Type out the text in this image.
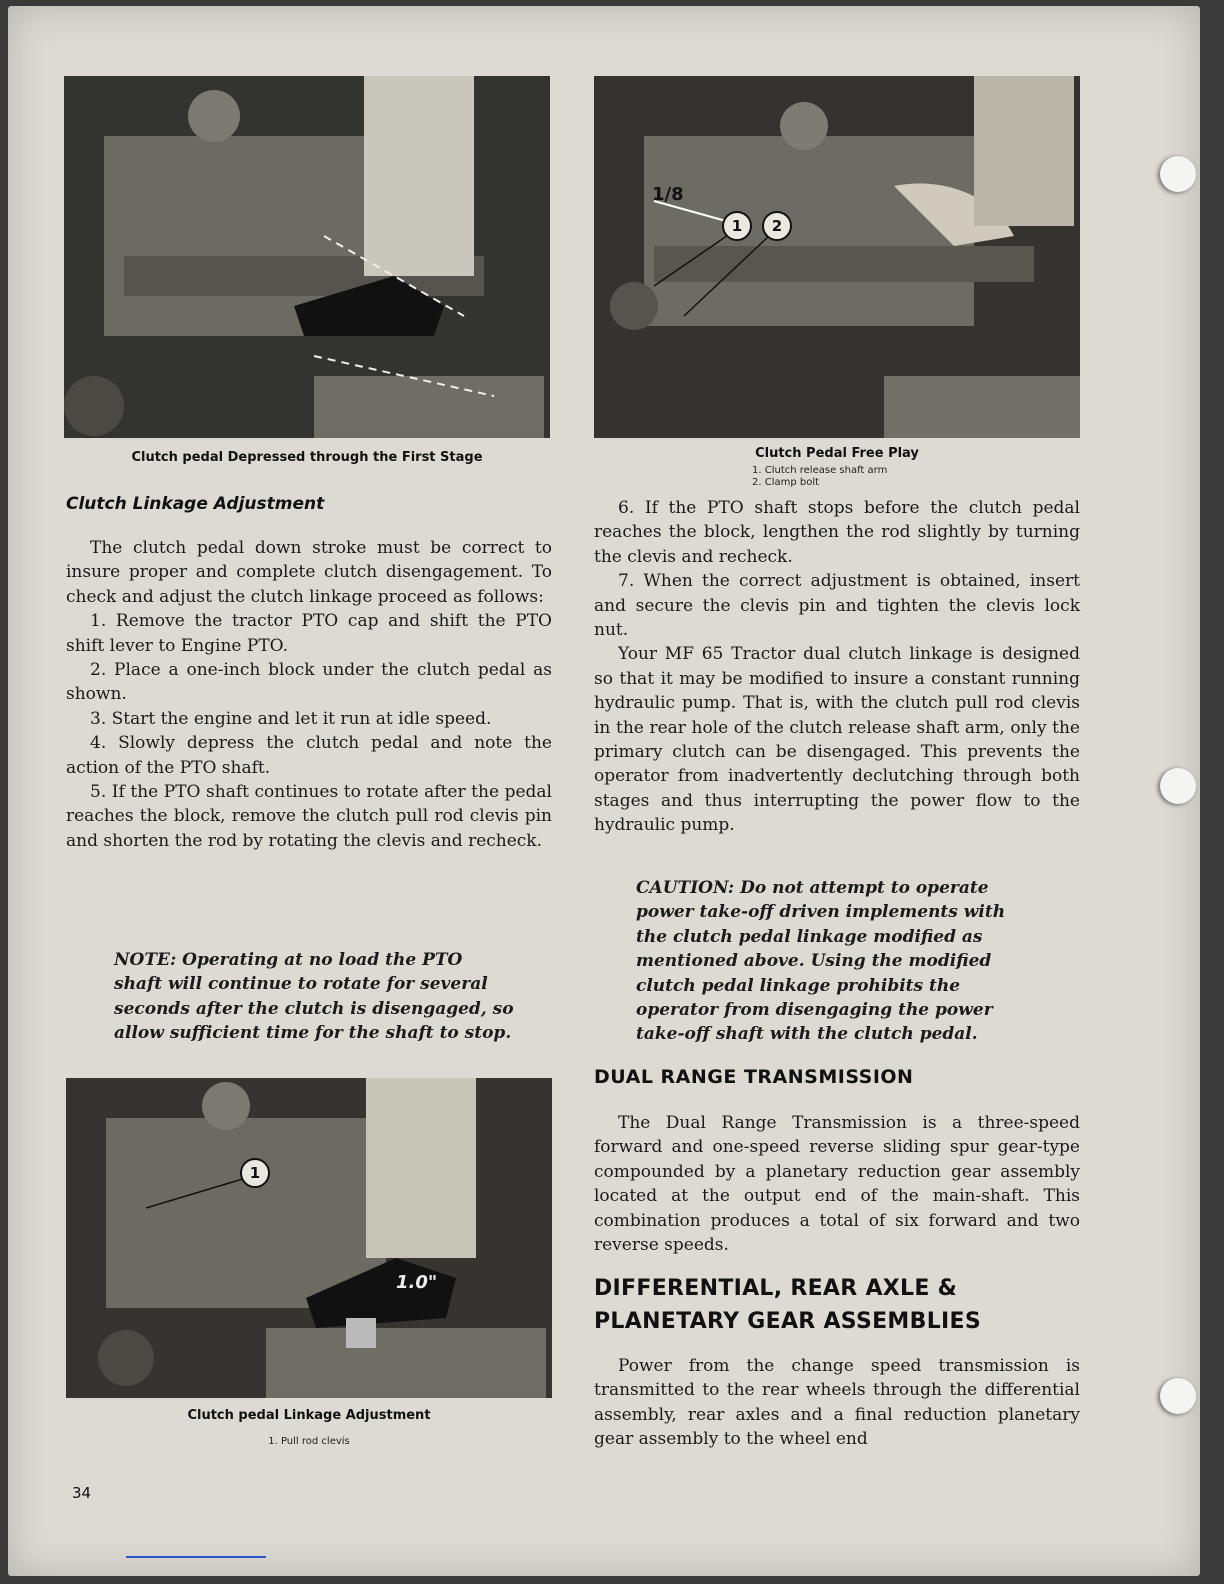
Clutch pedal Depressed through the First Stage
1/8
1	2
Clutch Pedal Free Play
1. Clutch release shaft arm
2. Clamp bolt
Clutch Linkage Adjustment

The clutch pedal down stroke must be correct to insure proper and complete clutch disengagement. To check and adjust the clutch linkage proceed as follows:

1. Remove the tractor PTO cap and shift the PTO shift lever to Engine PTO.

2. Place a one-inch block under the clutch pedal as shown.

3. Start the engine and let it run at idle speed.

4. Slowly depress the clutch pedal and note the action of the PTO shaft.

5. If the PTO shaft continues to rotate after the pedal reaches the block, remove the clutch pull rod clevis pin and shorten the rod by rotating the clevis and recheck.

NOTE: Operating at no load the PTO shaft will continue to rotate for several seconds after the clutch is disengaged, so allow sufficient time for the shaft to stop.
1
1.0"
Clutch pedal Linkage Adjustment
1. Pull rod clevis

6. If the PTO shaft stops before the clutch pedal reaches the block, lengthen the rod slightly by turning the clevis and recheck.

7. When the correct adjustment is obtained, insert and secure the clevis pin and tighten the clevis lock nut.

Your MF 65 Tractor dual clutch linkage is designed so that it may be modified to insure a constant running hydraulic pump. That is, with the clutch pull rod clevis in the rear hole of the clutch release shaft arm, only the primary clutch can be disengaged. This prevents the operator from inadvertently declutching through both stages and thus interrupting the power flow to the hydraulic pump.

CAUTION: Do not attempt to operate power take-off driven implements with the clutch pedal linkage modified as mentioned above. Using the modified clutch pedal linkage prohibits the operator from disengaging the power take-off shaft with the clutch pedal.
DUAL RANGE TRANSMISSION

The Dual Range Transmission is a three-speed forward and one-speed reverse sliding spur gear-type compounded by a planetary reduction gear assembly located at the output end of the main-shaft. This combination produces a total of six forward and two reverse speeds.

DIFFERENTIAL, REAR AXLE & PLANETARY GEAR ASSEMBLIES

Power from the change speed transmission is transmitted to the rear wheels through the differential assembly, rear axles and a final reduction planetary gear assembly to the wheel end

34
